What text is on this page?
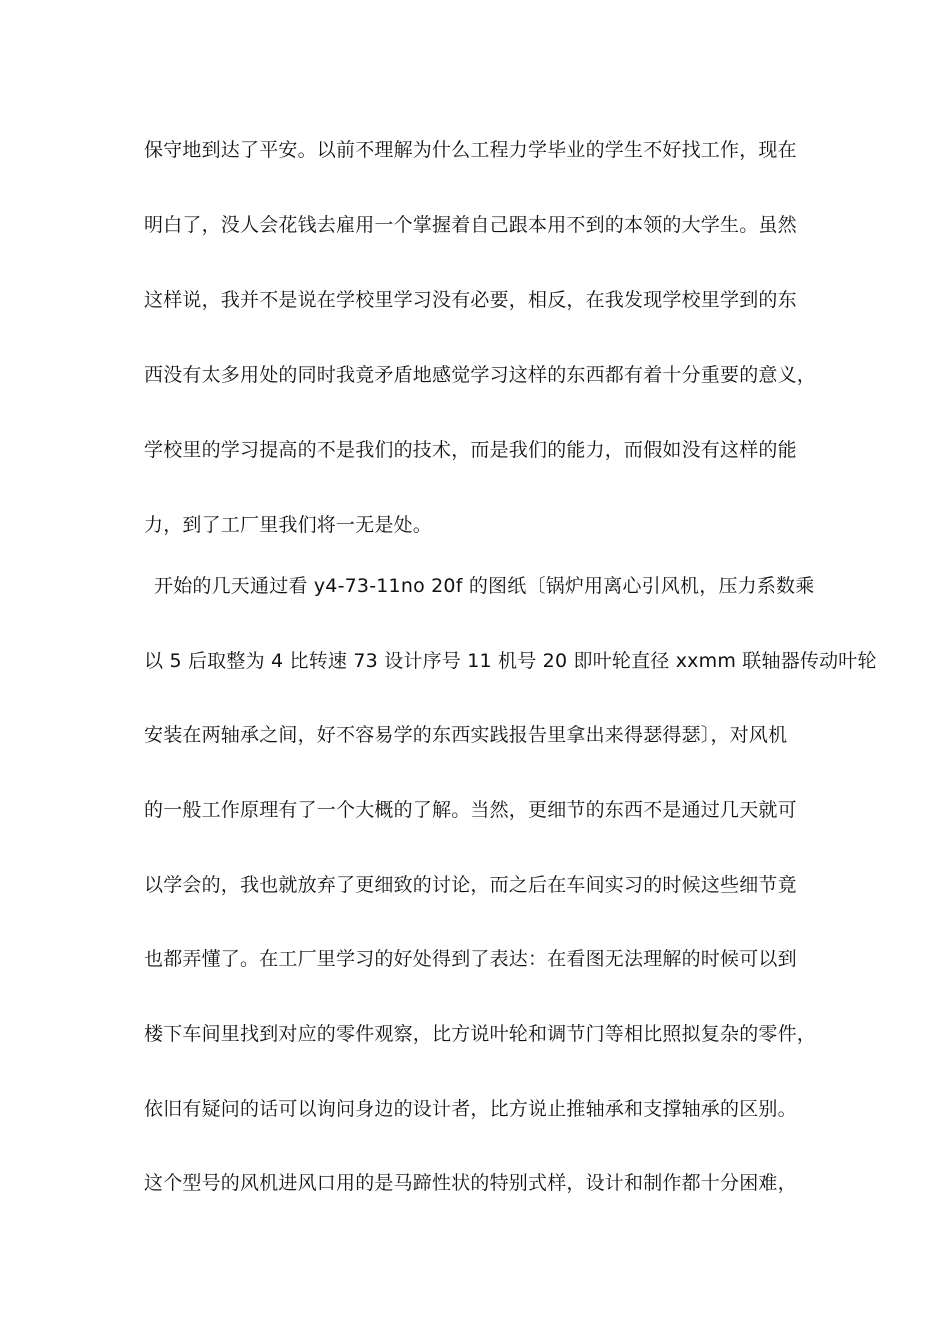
保守地到达了平安。以前不理解为什么工程力学毕业的学生不好找工作，现在
明白了，没人会花钱去雇用一个掌握着自己跟本用不到的本领的大学生。虽然
这样说，我并不是说在学校里学习没有必要，相反，在我发现学校里学到的东
西没有太多用处的同时我竟矛盾地感觉学习这样的东西都有着十分重要的意义，
学校里的学习提高的不是我们的技术，而是我们的能力，而假如没有这样的能
力，到了工厂里我们将一无是处。
开始的几天通过看 y4-73-11no 20f 的图纸〔锅炉用离心引风机，压力系数乘
以 5 后取整为 4 比转速 73 设计序号 11 机号 20 即叶轮直径 xxmm 联轴器传动叶轮
安装在两轴承之间，好不容易学的东西实践报告里拿出来得瑟得瑟〕，对风机
的一般工作原理有了一个大概的了解。当然，更细节的东西不是通过几天就可
以学会的，我也就放弃了更细致的讨论，而之后在车间实习的时候这些细节竟
也都弄懂了。在工厂里学习的好处得到了表达：在看图无法理解的时候可以到
楼下车间里找到对应的零件观察，比方说叶轮和调节门等相比照拟复杂的零件，
依旧有疑问的话可以询问身边的设计者，比方说止推轴承和支撑轴承的区别。
这个型号的风机进风口用的是马蹄性状的特别式样，设计和制作都十分困难，
